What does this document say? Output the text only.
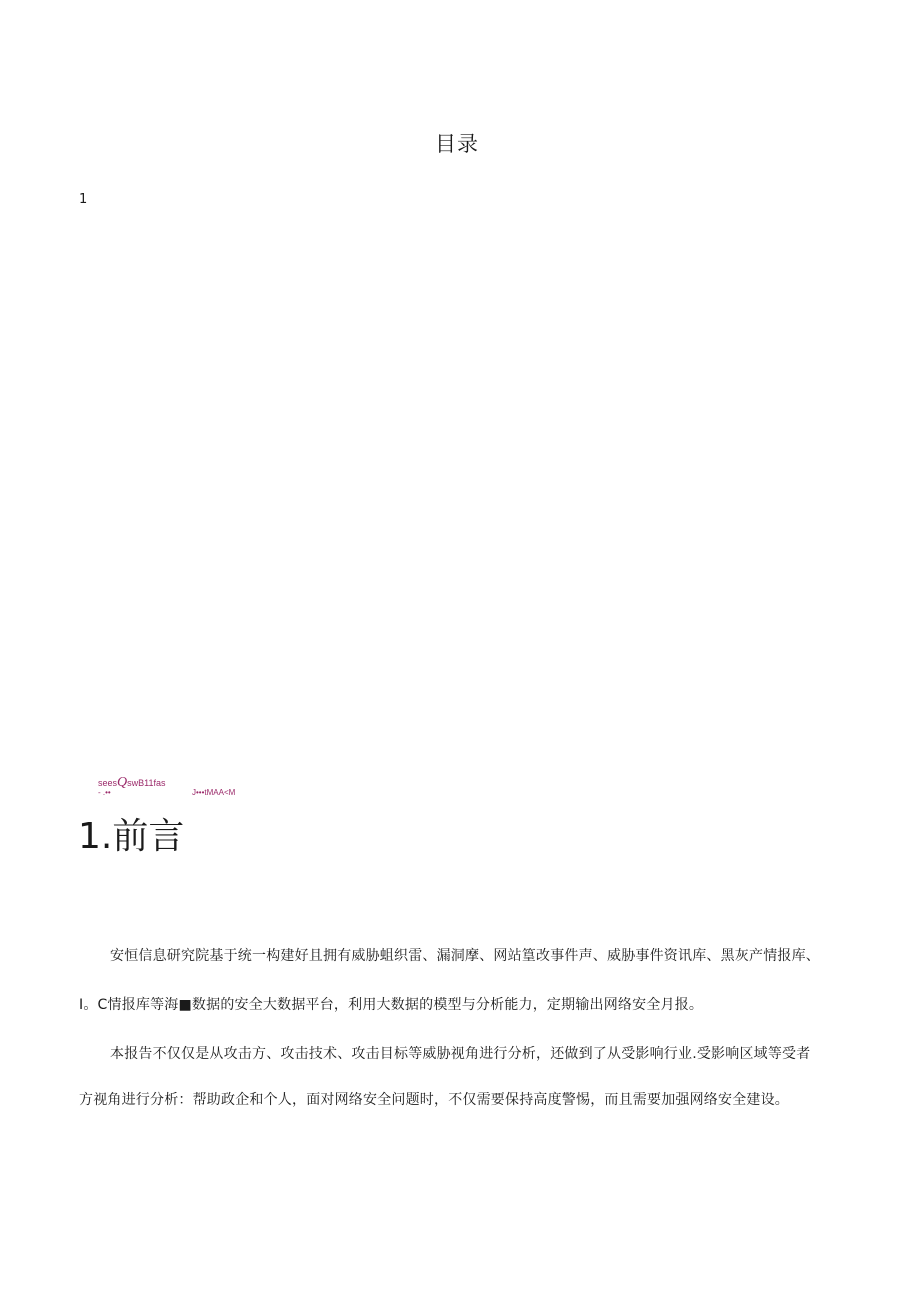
目录
1
seesQswB11fas
- .••	J•••tMAA<M
1.前言
安恒信息研究院基于统一构建好且拥有威胁蛆织雷、漏洞摩、网站篁改事件声、威胁事件资讯库、黑灰产情报库、
I。C情报库等海■数据的安全大数据平台，利用大数据的模型与分析能力，定期输出网络安全月报。
本报告不仅仅是从攻击方、攻击技术、攻击目标等威胁视角进行分析，还做到了从受影响行业.受影响区域等受者
方视角进行分析：帮助政企和个人，面对网络安全问题时，不仅需要保持高度警惕，而且需要加强网络安全建设。
